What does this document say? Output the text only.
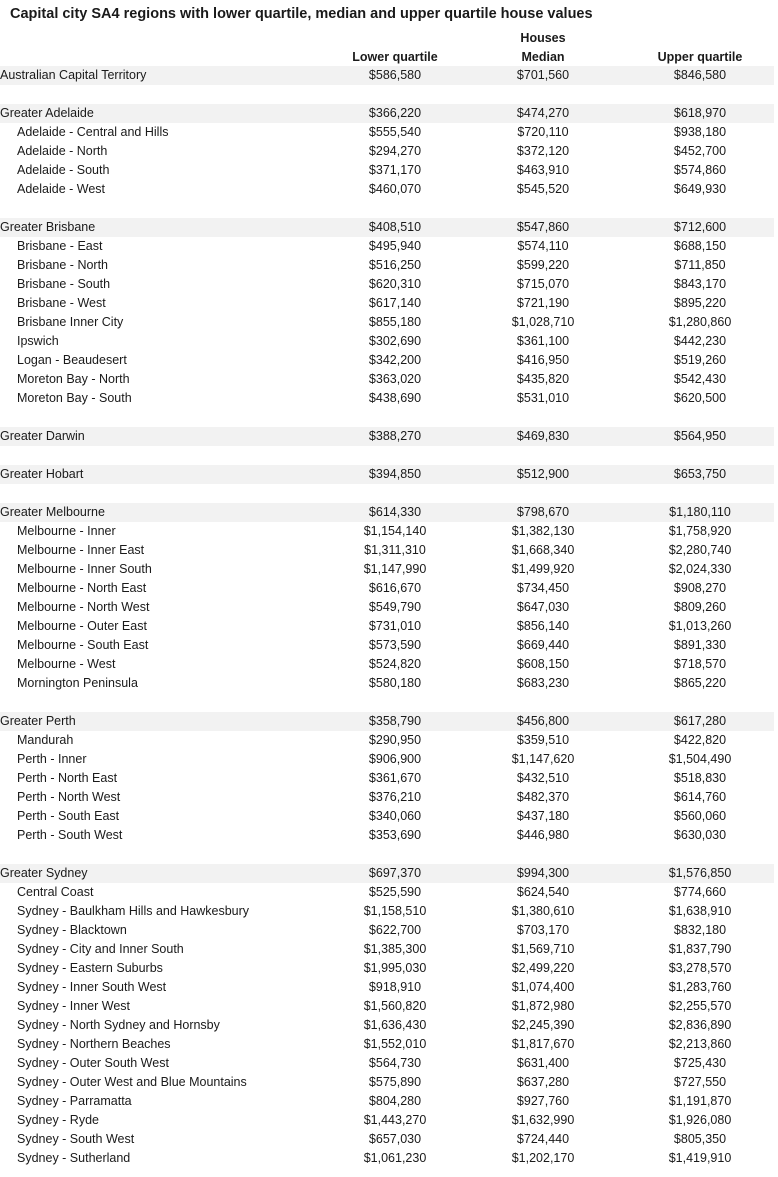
Capital city SA4 regions with lower quartile, median and upper quartile house values
		Houses	
	Lower quartile	Median	Upper quartile
Australian Capital Territory	$586,580	$701,560	$846,580

Greater Adelaide	$366,220	$474,270	$618,970
Adelaide - Central and Hills	$555,540	$720,110	$938,180
Adelaide - North	$294,270	$372,120	$452,700
Adelaide - South	$371,170	$463,910	$574,860
Adelaide - West	$460,070	$545,520	$649,930

Greater Brisbane	$408,510	$547,860	$712,600
Brisbane - East	$495,940	$574,110	$688,150
Brisbane - North	$516,250	$599,220	$711,850
Brisbane - South	$620,310	$715,070	$843,170
Brisbane - West	$617,140	$721,190	$895,220
Brisbane Inner City	$855,180	$1,028,710	$1,280,860
Ipswich	$302,690	$361,100	$442,230
Logan - Beaudesert	$342,200	$416,950	$519,260
Moreton Bay - North	$363,020	$435,820	$542,430
Moreton Bay - South	$438,690	$531,010	$620,500

Greater Darwin	$388,270	$469,830	$564,950

Greater Hobart	$394,850	$512,900	$653,750

Greater Melbourne	$614,330	$798,670	$1,180,110
Melbourne - Inner	$1,154,140	$1,382,130	$1,758,920
Melbourne - Inner East	$1,311,310	$1,668,340	$2,280,740
Melbourne - Inner South	$1,147,990	$1,499,920	$2,024,330
Melbourne - North East	$616,670	$734,450	$908,270
Melbourne - North West	$549,790	$647,030	$809,260
Melbourne - Outer East	$731,010	$856,140	$1,013,260
Melbourne - South East	$573,590	$669,440	$891,330
Melbourne - West	$524,820	$608,150	$718,570
Mornington Peninsula	$580,180	$683,230	$865,220

Greater Perth	$358,790	$456,800	$617,280
Mandurah	$290,950	$359,510	$422,820
Perth - Inner	$906,900	$1,147,620	$1,504,490
Perth - North East	$361,670	$432,510	$518,830
Perth - North West	$376,210	$482,370	$614,760
Perth - South East	$340,060	$437,180	$560,060
Perth - South West	$353,690	$446,980	$630,030

Greater Sydney	$697,370	$994,300	$1,576,850
Central Coast	$525,590	$624,540	$774,660
Sydney - Baulkham Hills and Hawkesbury	$1,158,510	$1,380,610	$1,638,910
Sydney - Blacktown	$622,700	$703,170	$832,180
Sydney - City and Inner South	$1,385,300	$1,569,710	$1,837,790
Sydney - Eastern Suburbs	$1,995,030	$2,499,220	$3,278,570
Sydney - Inner South West	$918,910	$1,074,400	$1,283,760
Sydney - Inner West	$1,560,820	$1,872,980	$2,255,570
Sydney - North Sydney and Hornsby	$1,636,430	$2,245,390	$2,836,890
Sydney - Northern Beaches	$1,552,010	$1,817,670	$2,213,860
Sydney - Outer South West	$564,730	$631,400	$725,430
Sydney - Outer West and Blue Mountains	$575,890	$637,280	$727,550
Sydney - Parramatta	$804,280	$927,760	$1,191,870
Sydney - Ryde	$1,443,270	$1,632,990	$1,926,080
Sydney - South West	$657,030	$724,440	$805,350
Sydney - Sutherland	$1,061,230	$1,202,170	$1,419,910
